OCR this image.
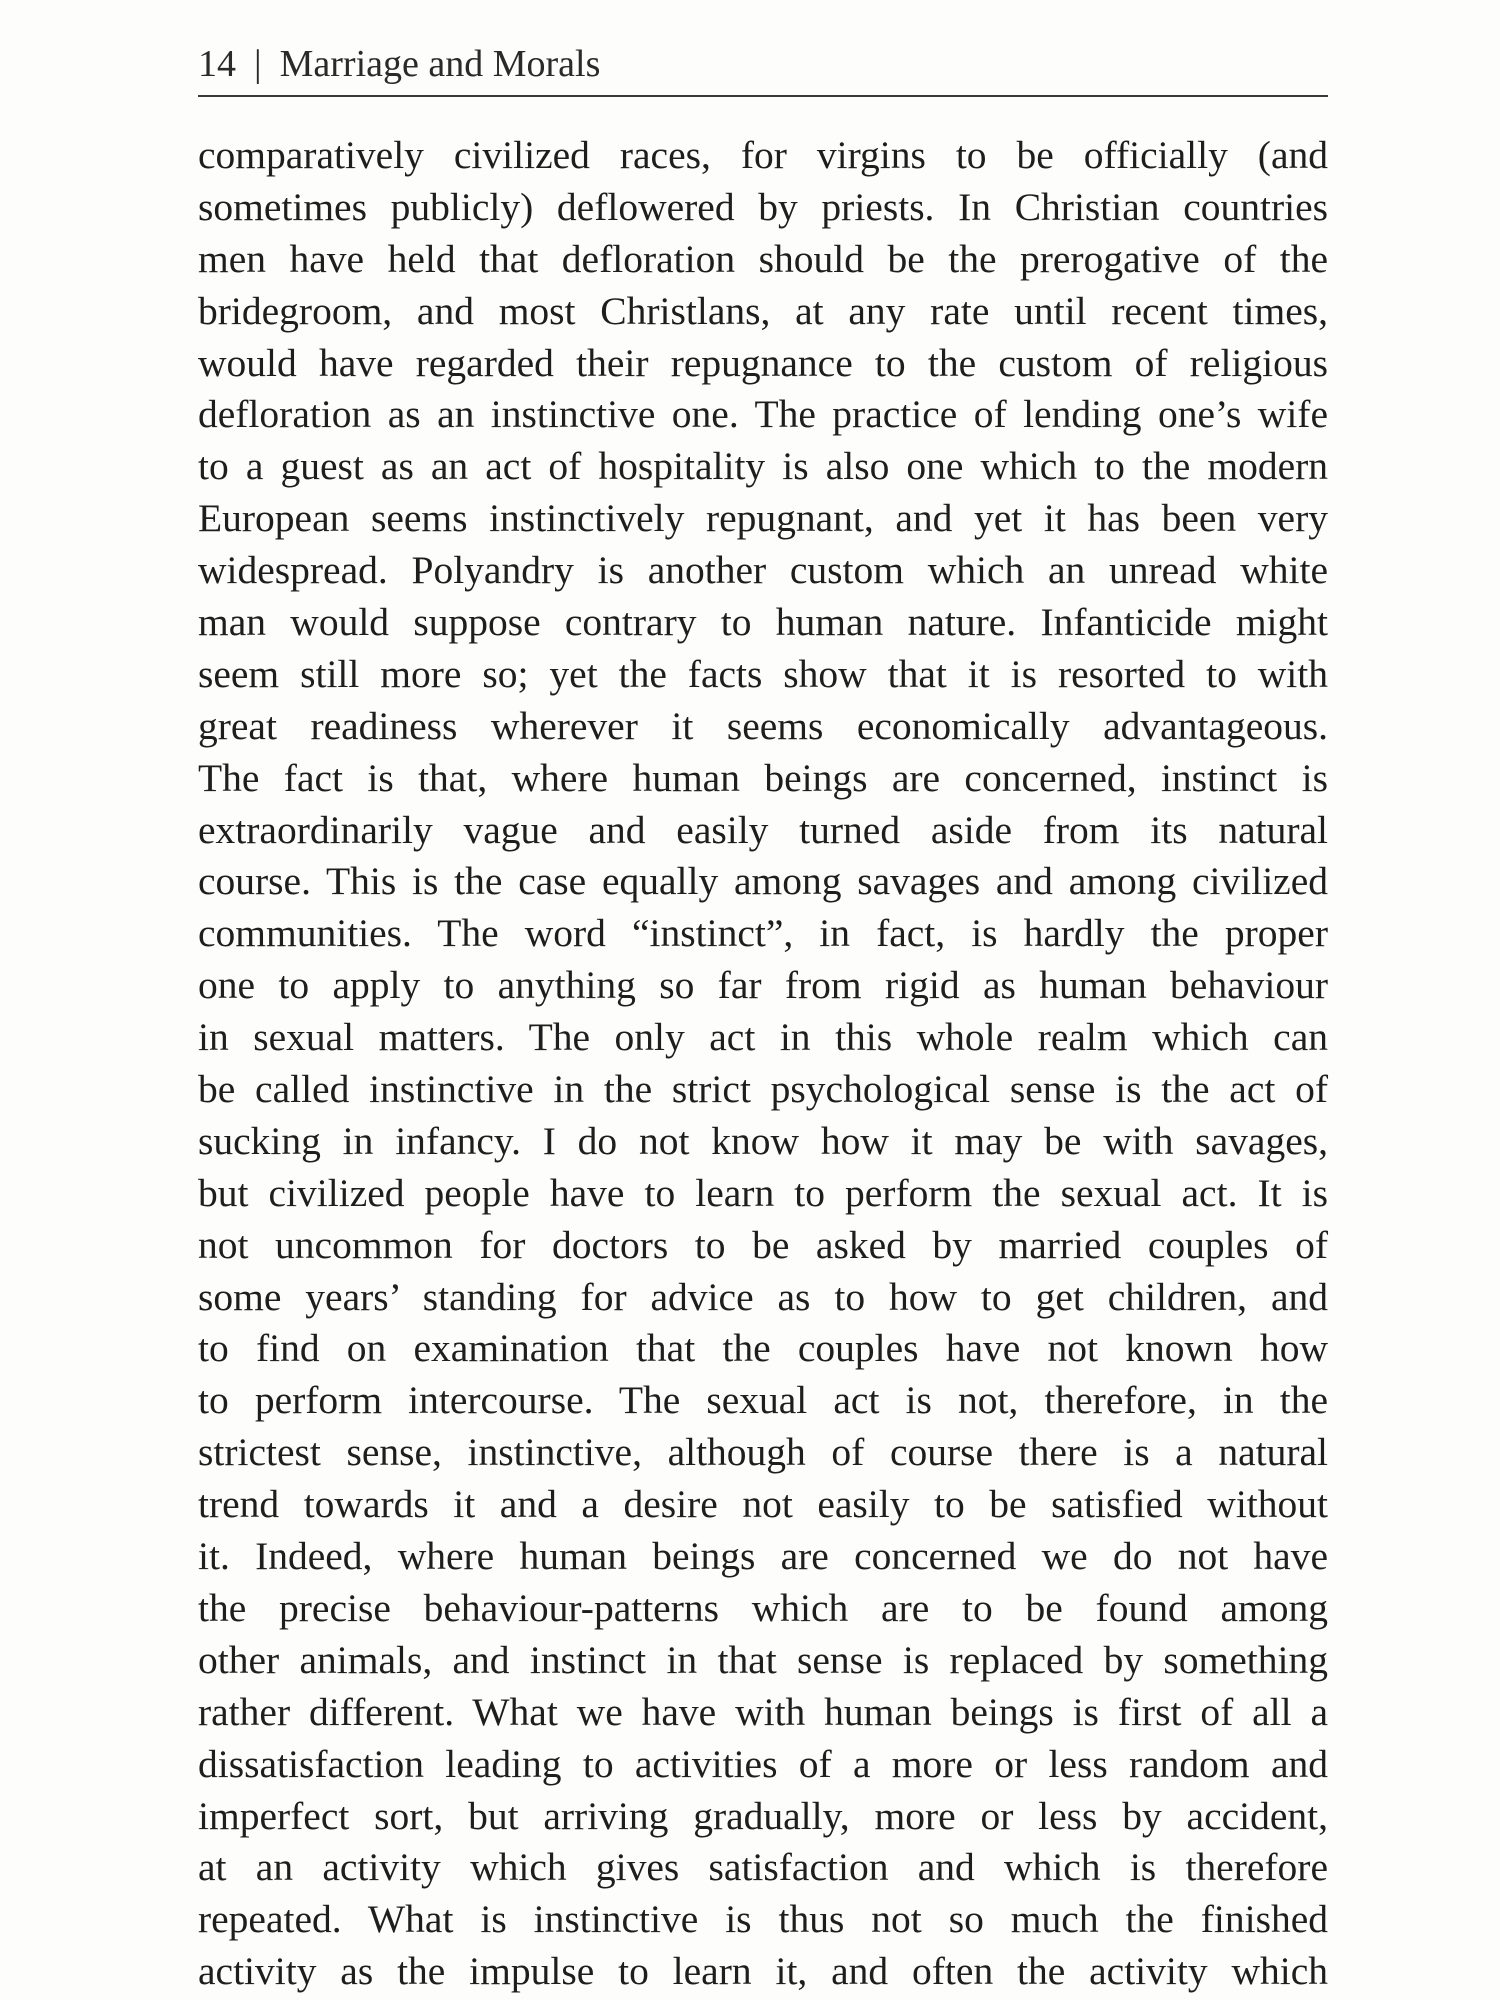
14 | Marriage and Morals
comparatively civilized races, for virgins to be officially (and
sometimes publicly) deflowered by priests. In Christian countries
men have held that defloration should be the prerogative of the
bridegroom, and most Christlans, at any rate until recent times,
would have regarded their repugnance to the custom of religious
defloration as an instinctive one. The practice of lending one’s wife
to a guest as an act of hospitality is also one which to the modern
European seems instinctively repugnant, and yet it has been very
widespread. Polyandry is another custom which an unread white
man would suppose contrary to human nature. Infanticide might
seem still more so; yet the facts show that it is resorted to with
great readiness wherever it seems economically advantageous.
The fact is that, where human beings are concerned, instinct is
extraordinarily vague and easily turned aside from its natural
course. This is the case equally among savages and among civilized
communities. The word “instinct”, in fact, is hardly the proper
one to apply to anything so far from rigid as human behaviour
in sexual matters. The only act in this whole realm which can
be called instinctive in the strict psychological sense is the act of
sucking in infancy. I do not know how it may be with savages,
but civilized people have to learn to perform the sexual act. It is
not uncommon for doctors to be asked by married couples of
some years’ standing for advice as to how to get children, and
to find on examination that the couples have not known how
to perform intercourse. The sexual act is not, therefore, in the
strictest sense, instinctive, although of course there is a natural
trend towards it and a desire not easily to be satisfied without
it. Indeed, where human beings are concerned we do not have
the precise behaviour-patterns which are to be found among
other animals, and instinct in that sense is replaced by something
rather different. What we have with human beings is first of all a
dissatisfaction leading to activities of a more or less random and
imperfect sort, but arriving gradually, more or less by accident,
at an activity which gives satisfaction and which is therefore
repeated. What is instinctive is thus not so much the finished
activity as the impulse to learn it, and often the activity which
